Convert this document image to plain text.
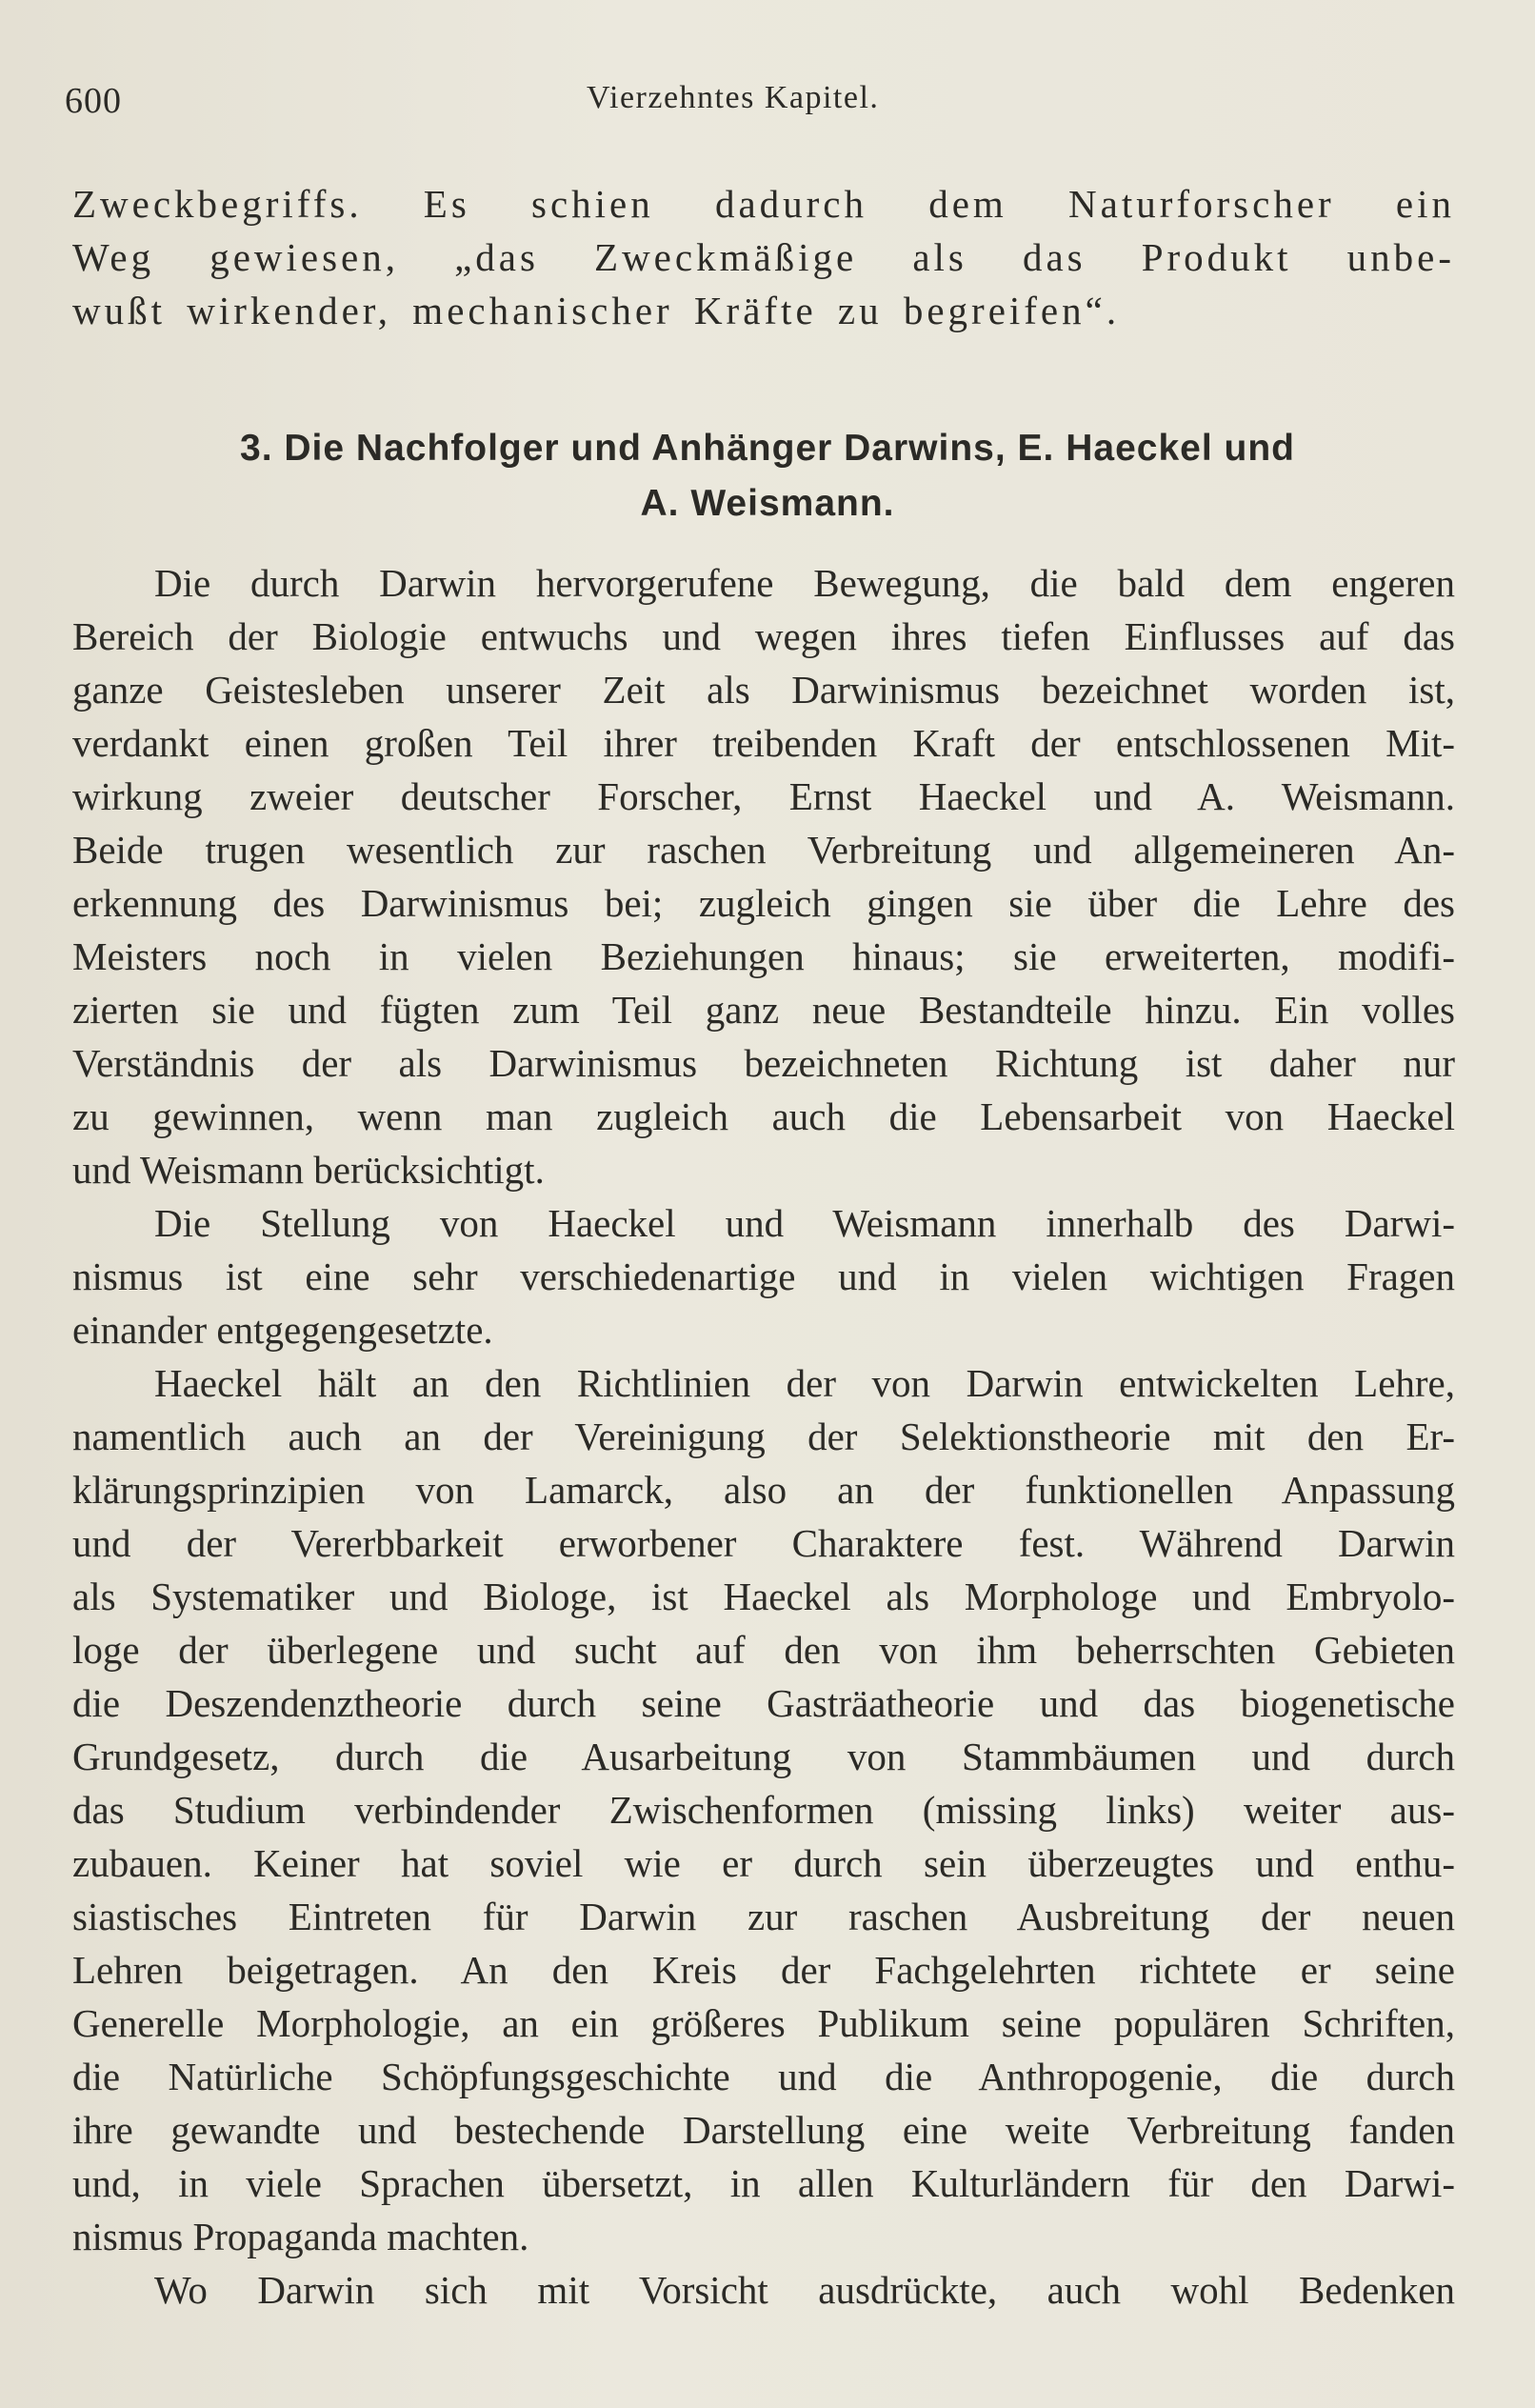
600	Vierzehntes Kapitel.
Zweckbegriffs. Es schien dadurch dem Naturforscher ein
Weg gewiesen, „das Zweckmäßige als das Produkt unbe-
wußt wirkender, mechanischer Kräfte zu begreifen“.
3. Die Nachfolger und Anhänger Darwins, E. Haeckel und
A. Weismann.
Die durch Darwin hervorgerufene Bewegung, die bald dem engeren
Bereich der Biologie entwuchs und wegen ihres tiefen Einflusses auf das
ganze Geistesleben unserer Zeit als Darwinismus bezeichnet worden ist,
verdankt einen großen Teil ihrer treibenden Kraft der entschlossenen Mit-
wirkung zweier deutscher Forscher, Ernst Haeckel und A. Weismann.
Beide trugen wesentlich zur raschen Verbreitung und allgemeineren An-
erkennung des Darwinismus bei; zugleich gingen sie über die Lehre des
Meisters noch in vielen Beziehungen hinaus; sie erweiterten, modifi-
zierten sie und fügten zum Teil ganz neue Bestandteile hinzu. Ein volles
Verständnis der als Darwinismus bezeichneten Richtung ist daher nur
zu gewinnen, wenn man zugleich auch die Lebensarbeit von Haeckel
und Weismann berücksichtigt.
Die Stellung von Haeckel und Weismann innerhalb des Darwi-
nismus ist eine sehr verschiedenartige und in vielen wichtigen Fragen
einander entgegengesetzte.
Haeckel hält an den Richtlinien der von Darwin entwickelten Lehre,
namentlich auch an der Vereinigung der Selektionstheorie mit den Er-
klärungsprinzipien von Lamarck, also an der funktionellen Anpassung
und der Vererbbarkeit erworbener Charaktere fest. Während Darwin
als Systematiker und Biologe, ist Haeckel als Morphologe und Embryolo-
loge der überlegene und sucht auf den von ihm beherrschten Gebieten
die Deszendenztheorie durch seine Gasträatheorie und das biogenetische
Grundgesetz, durch die Ausarbeitung von Stammbäumen und durch
das Studium verbindender Zwischenformen (missing links) weiter aus-
zubauen. Keiner hat soviel wie er durch sein überzeugtes und enthu-
siastisches Eintreten für Darwin zur raschen Ausbreitung der neuen
Lehren beigetragen. An den Kreis der Fachgelehrten richtete er seine
Generelle Morphologie, an ein größeres Publikum seine populären Schriften,
die Natürliche Schöpfungsgeschichte und die Anthropogenie, die durch
ihre gewandte und bestechende Darstellung eine weite Verbreitung fanden
und, in viele Sprachen übersetzt, in allen Kulturländern für den Darwi-
nismus Propaganda machten.
Wo Darwin sich mit Vorsicht ausdrückte, auch wohl Bedenken
